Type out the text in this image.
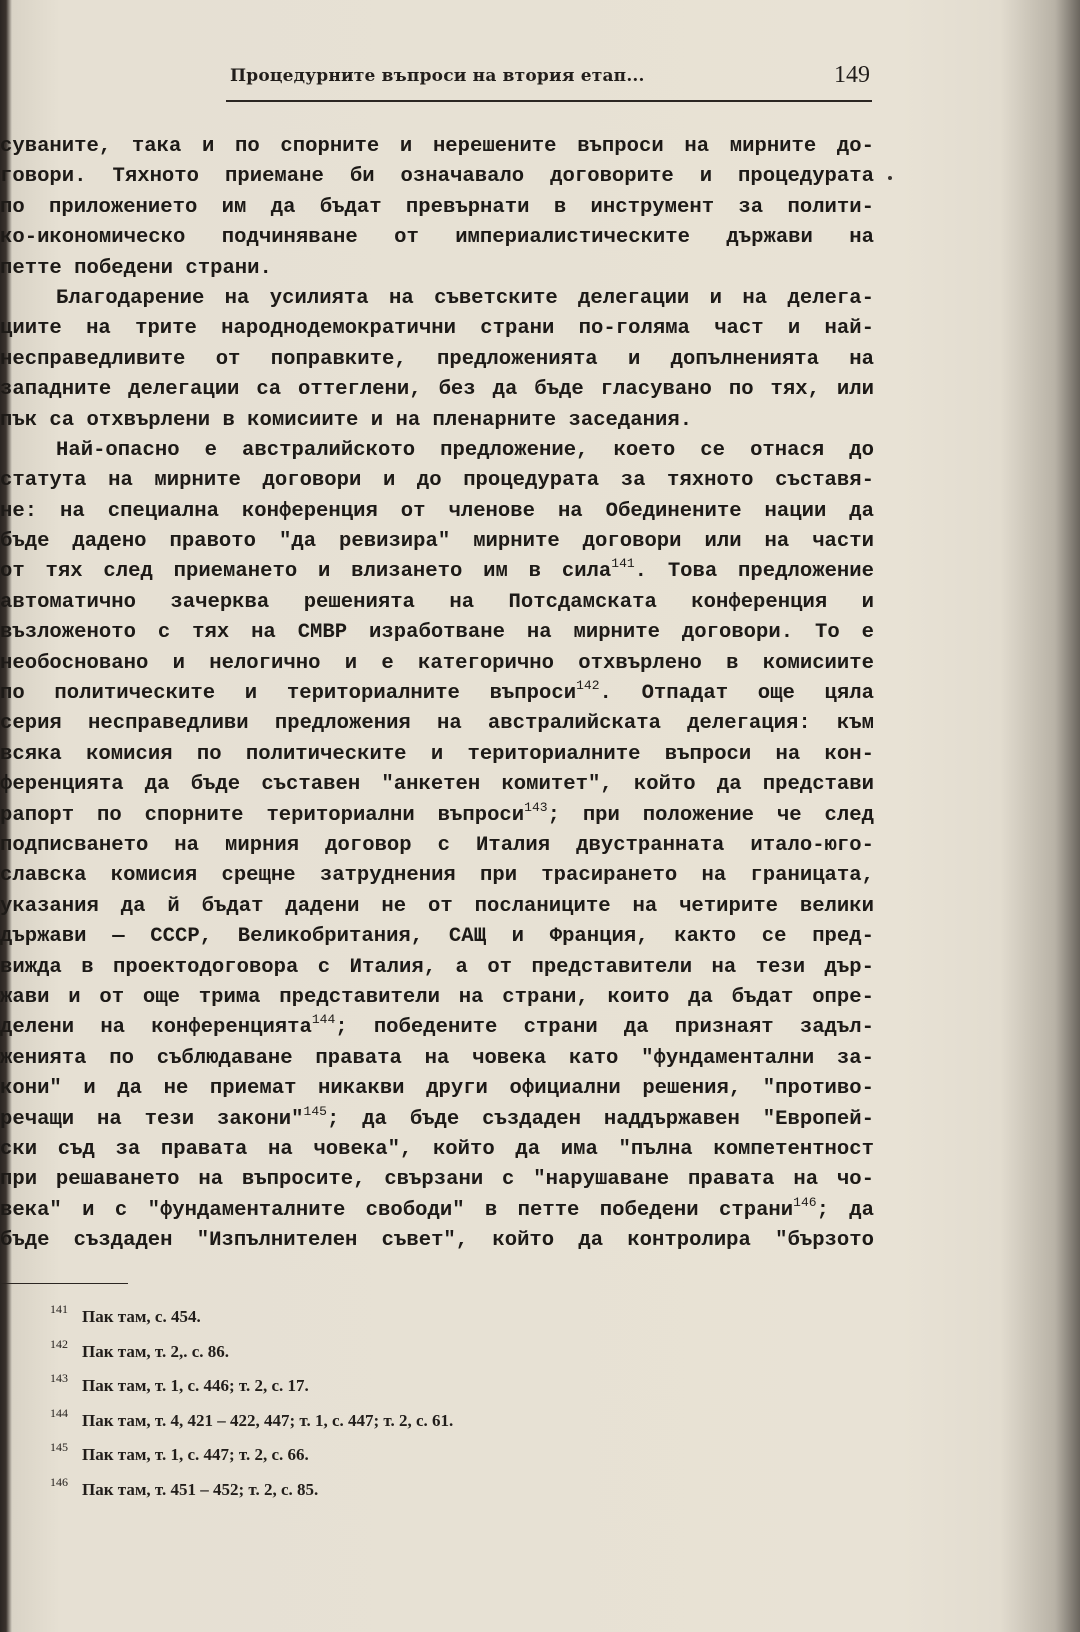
Процедурните въпроси на втория етап...	149
суваните, така и по спорните и нерешените въпроси на мирните до-
говори. Тяхното приемане би означавало договорите и процедурата
по приложението им да бъдат превърнати в инструмент за полити-
ко-икономическо подчиняване от империалистическите държави на
петте победени страни.
Благодарение на усилията на съветските делегации и на делега-
циите на трите народнодемократични страни по-голяма част и най-
несправедливите от поправките, предложенията и допълненията на
западните делегации са оттеглени, без да бъде гласувано по тях, или
пък са отхвърлени в комисиите и на пленарните заседания.
Най-опасно е австралийското предложение, което се отнася до
статута на мирните договори и до процедурата за тяхното съставя-
не: на специална конференция от членове на Обединените нации да
бъде дадено правото "да ревизира" мирните договори или на части
от тях след приемането и влизането им в сила$^{141}$. Това предложение
автоматично зачерква решенията на Потсдамската конференция и
възложеното с тях на СМВР изработване на мирните договори. То е
необосновано и нелогично и е категорично отхвърлено в комисиите
по политическите и териториалните въпроси$^{142}$. Отпадат още цяла
серия несправедливи предложения на австралийската делегация: към
всяка комисия по политическите и териториалните въпроси на кон-
ференцията да бъде съставен "анкетен комитет", който да представи
рапорт по спорните териториални въпроси$^{143}$; при положение че след
подписването на мирния договор с Италия двустранната итало-юго-
славска комисия срещне затруднения при трасирането на границата,
указания да й бъдат дадени не от посланиците на четирите велики
държави — СССР, Великобритания, САЩ и Франция, както се пред-
вижда в проектодоговора с Италия, а от представители на тези дър-
жави и от още трима представители на страни, които да бъдат опре-
делени на конференцията$^{144}$; победените страни да признаят задъл-
женията по съблюдаване правата на човека като "фундаментални за-
кони" и да не приемат никакви други официални решения, "противо-
речащи на тези закони"$^{145}$; да бъде създаден наддържавен "Европей-
ски съд за правата на човека", който да има "пълна компетентност
при решаването на въпросите, свързани с "нарушаване правата на чо-
века" и с "фундаменталните свободи" в петте победени страни$^{146}$; да
бъде създаден "Изпълнителен съвет", който да контролира "бързото
141 Пак там, с. 454.
142 Пак там, т. 2,. с. 86.
143 Пак там, т. 1, с. 446; т. 2, с. 17.
144 Пак там, т. 4, 421 – 422, 447; т. 1, с. 447; т. 2, с. 61.
145 Пак там, т. 1, с. 447; т. 2, с. 66.
146 Пак там, т. 451 – 452; т. 2, с. 85.
